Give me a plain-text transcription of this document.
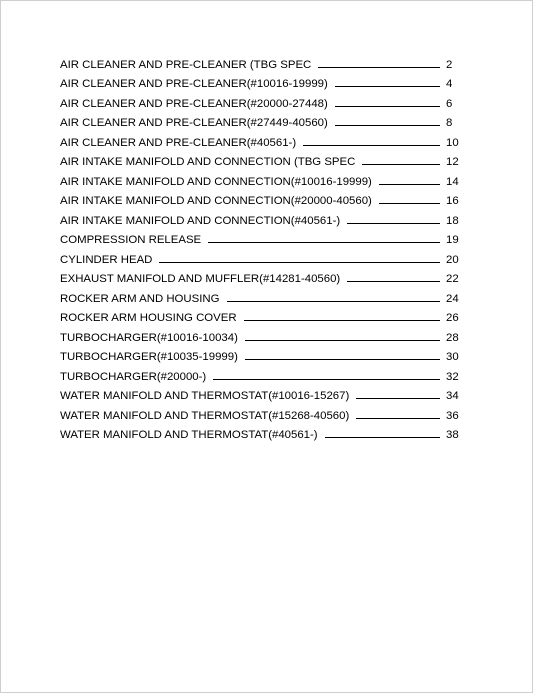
AIR CLEANER AND PRE-CLEANER (TBG SPEC	2
AIR CLEANER AND PRE-CLEANER(#10016-19999)	4
AIR CLEANER AND PRE-CLEANER(#20000-27448)	6
AIR CLEANER AND PRE-CLEANER(#27449-40560)	8
AIR CLEANER AND PRE-CLEANER(#40561-)	10
AIR INTAKE MANIFOLD AND CONNECTION (TBG SPEC	12
AIR INTAKE MANIFOLD AND CONNECTION(#10016-19999)	14
AIR INTAKE MANIFOLD AND CONNECTION(#20000-40560)	16
AIR INTAKE MANIFOLD AND CONNECTION(#40561-)	18
COMPRESSION RELEASE	19
CYLINDER HEAD	20
EXHAUST MANIFOLD AND MUFFLER(#14281-40560)	22
ROCKER ARM AND HOUSING	24
ROCKER ARM HOUSING COVER	26
TURBOCHARGER(#10016-10034)	28
TURBOCHARGER(#10035-19999)	30
TURBOCHARGER(#20000-)	32
WATER MANIFOLD AND THERMOSTAT(#10016-15267)	34
WATER MANIFOLD AND THERMOSTAT(#15268-40560)	36
WATER MANIFOLD AND THERMOSTAT(#40561-)	38
